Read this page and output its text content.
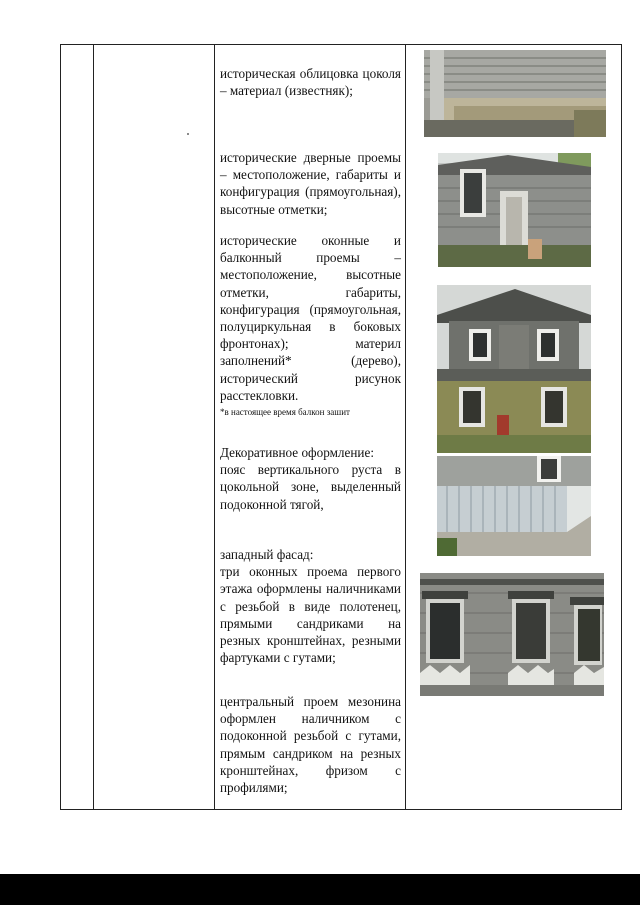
историческая облицовка цоколя – материал (известняк);

исторические дверные проемы – местоположение, габариты и конфигурация (прямоугольная), высотные отметки;

исторические оконные и балконный проемы – местоположение, высотные отметки, габариты, конфигурация (прямоугольная, полуциркульная в боковых фронтонах); материл заполнений* (дерево), исторический рисунок расстекловки.

*в настоящее время балкон зашит

Декоративное оформление:

пояс вертикального руста в цокольной зоне, выделенный подоконной тягой,

западный фасад:

три оконных проема первого этажа оформлены наличниками с резьбой в виде полотенец, прямыми сандриками на резных кронштейнах, резными фартуками с гутами;

центральный проем мезонина оформлен наличником с подоконной резьбой с гутами, прямым сандриком на резных кронштейнах, фризом с профилями;
